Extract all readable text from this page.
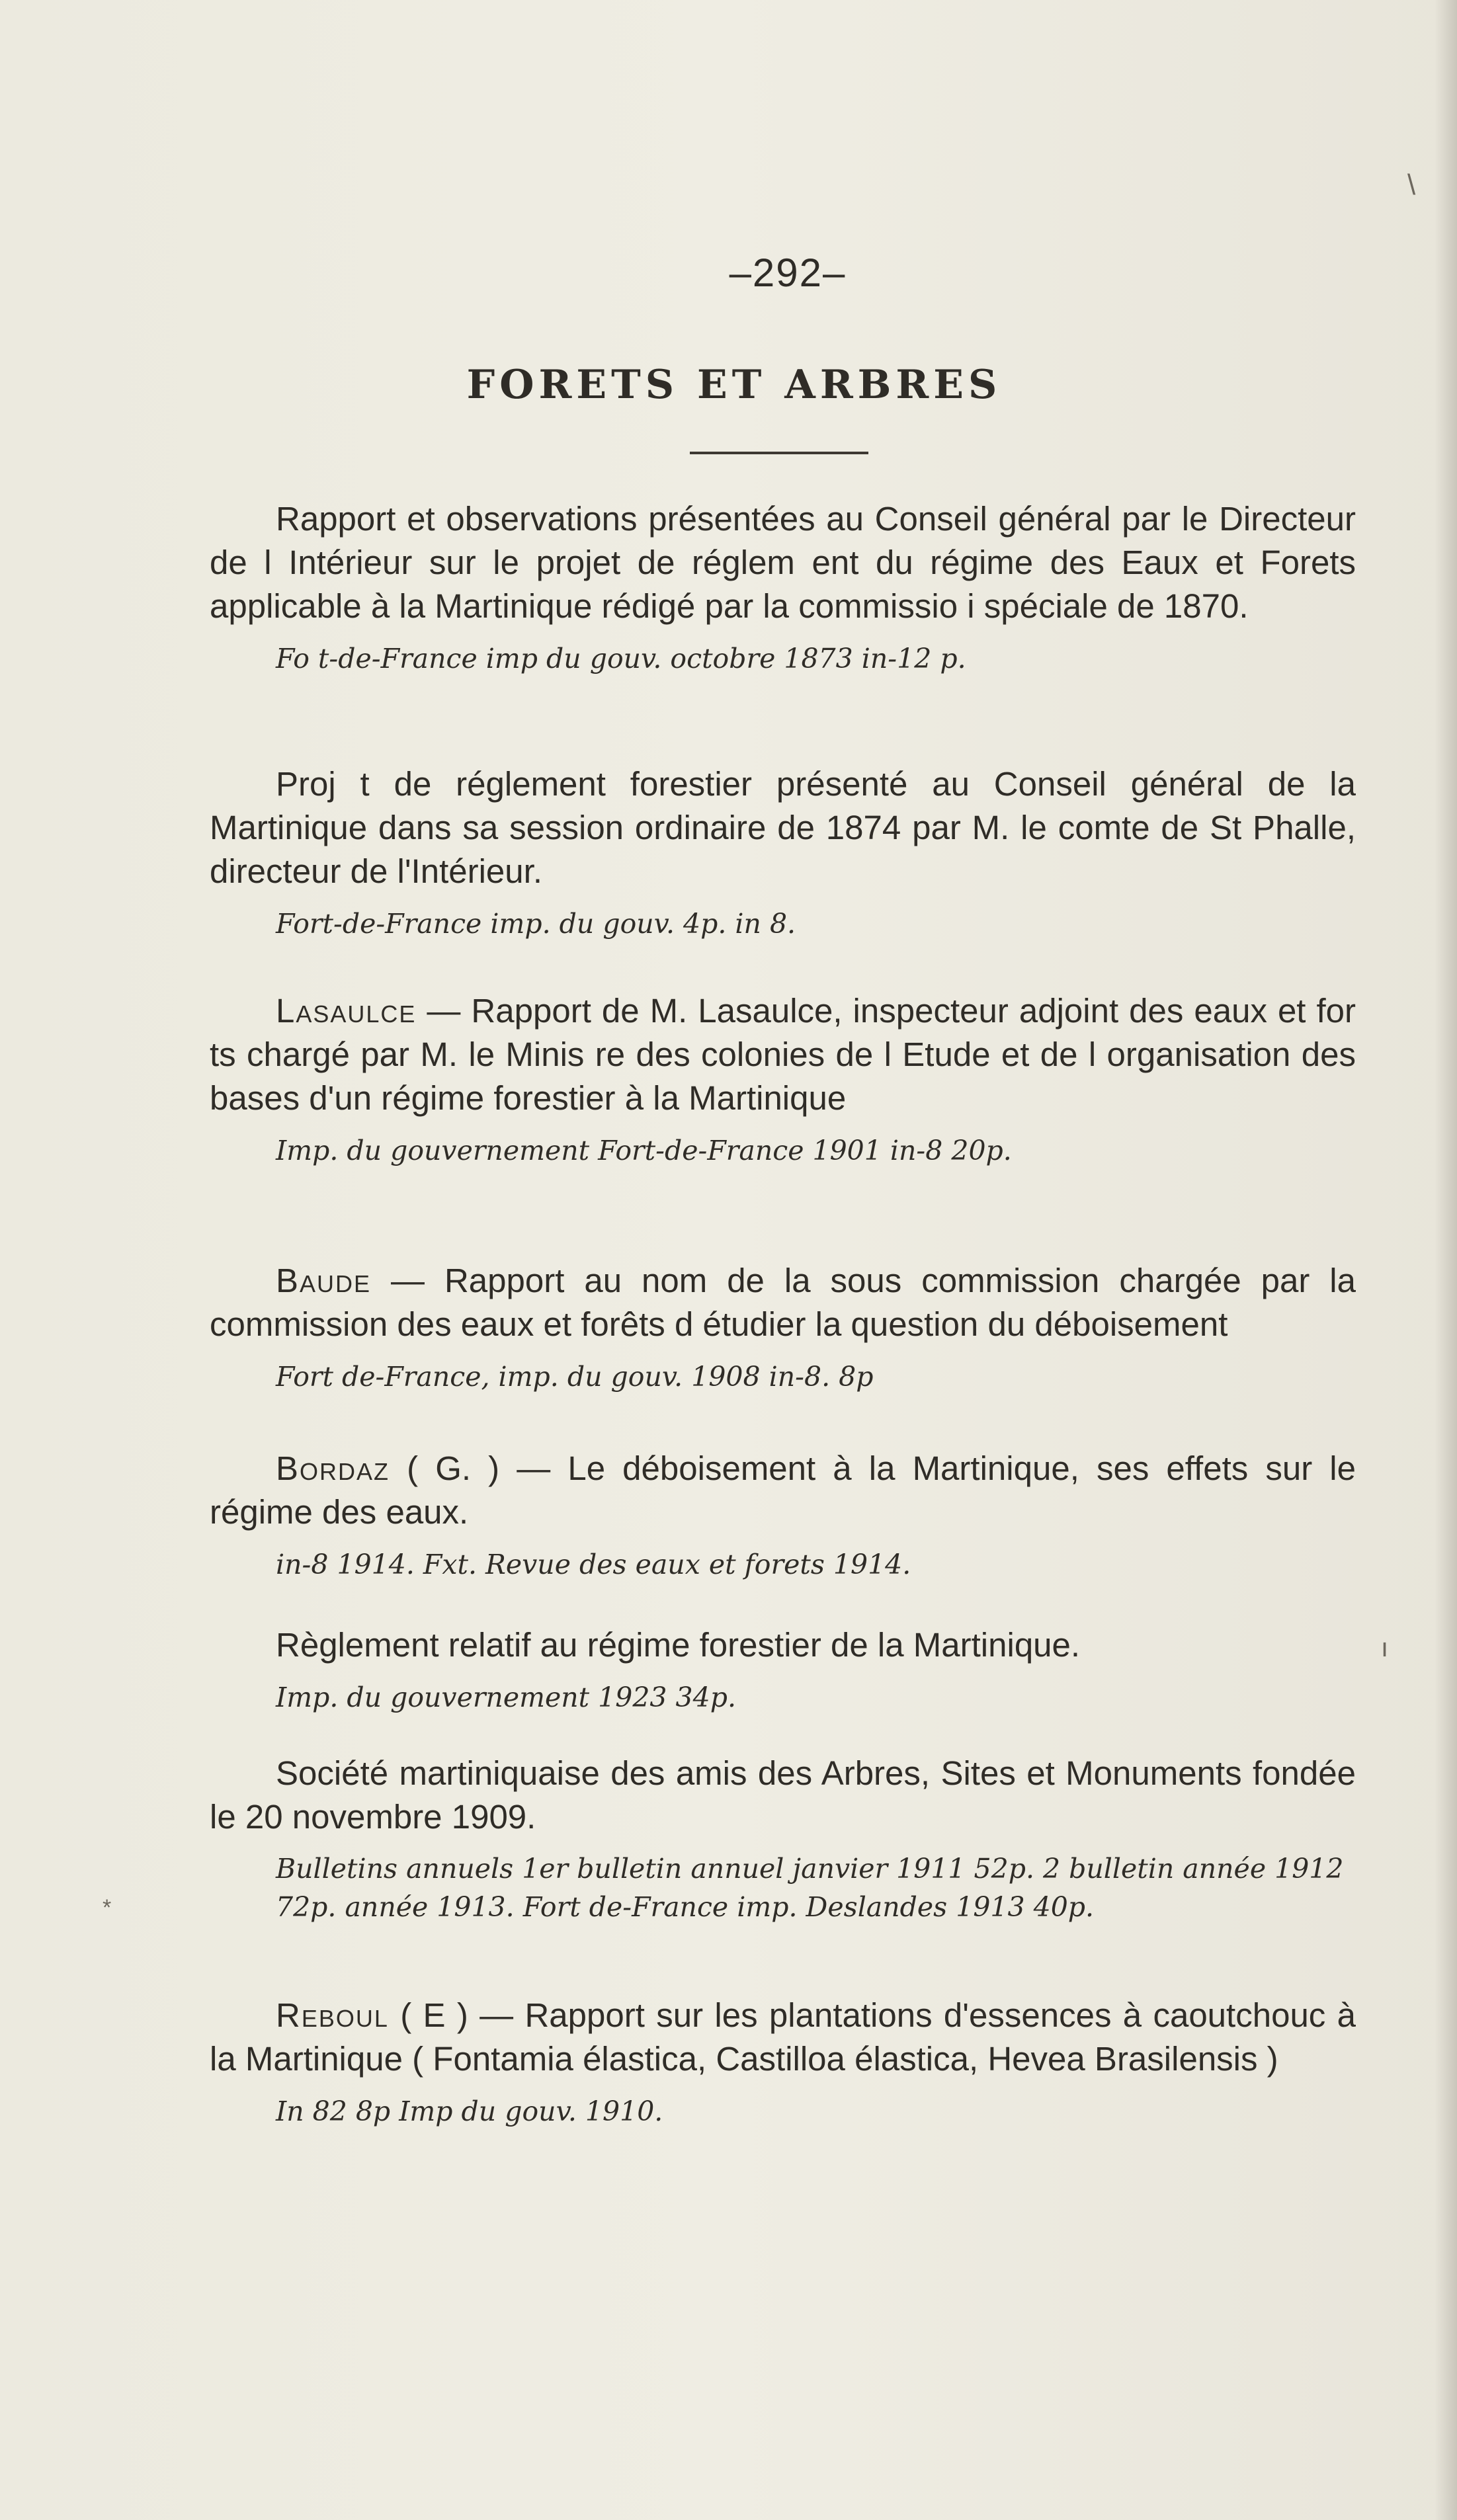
\
ı
*
–292–
FORETS ET ARBRES
Rapport et observations présentées au Conseil général par le Directeur de l Intérieur sur le projet de réglem ent du régime des Eaux et Forets applicable à la Martinique rédigé par la commissio i spéciale de 1870.
Fo t-de-France imp du gouv. octobre 1873 in-12 p.
Proj t de réglement forestier présenté au Conseil général de la Martinique dans sa session ordinaire de 1874 par M. le comte de St Phalle, directeur de l'Intérieur.
Fort-de-France imp. du gouv. 4p. in 8.
Lasaulce — Rapport de M. Lasaulce, inspecteur adjoint des eaux et for ts chargé par M. le Minis re des colonies de l Etude et de l organisation des bases d'un régime forestier à la Martinique
Imp. du gouvernement Fort-de-France 1901 in-8 20p.
Baude — Rapport au nom de la sous commission chargée par la commission des eaux et forêts d étudier la question du déboisement
Fort de-France, imp. du gouv. 1908 in-8. 8p
Bordaz ( G. ) — Le déboisement à la Martinique, ses effets sur le régime des eaux.
in-8 1914. Fxt. Revue des eaux et forets 1914.
Règlement relatif au régime forestier de la Martinique.
Imp. du gouvernement 1923 34p.
Société martiniquaise des amis des Arbres, Sites et Monuments fondée le 20 novembre 1909.
Bulletins annuels 1er bulletin annuel janvier 1911 52p. 2 bulletin année 1912 72p. année 1913. Fort de-France imp. Deslandes 1913 40p.
Reboul ( E ) — Rapport sur les plantations d'essences à caoutchouc à la Martinique ( Fontamia élastica, Castilloa élastica, Hevea Brasilensis )
In 82 8p Imp du gouv. 1910.
